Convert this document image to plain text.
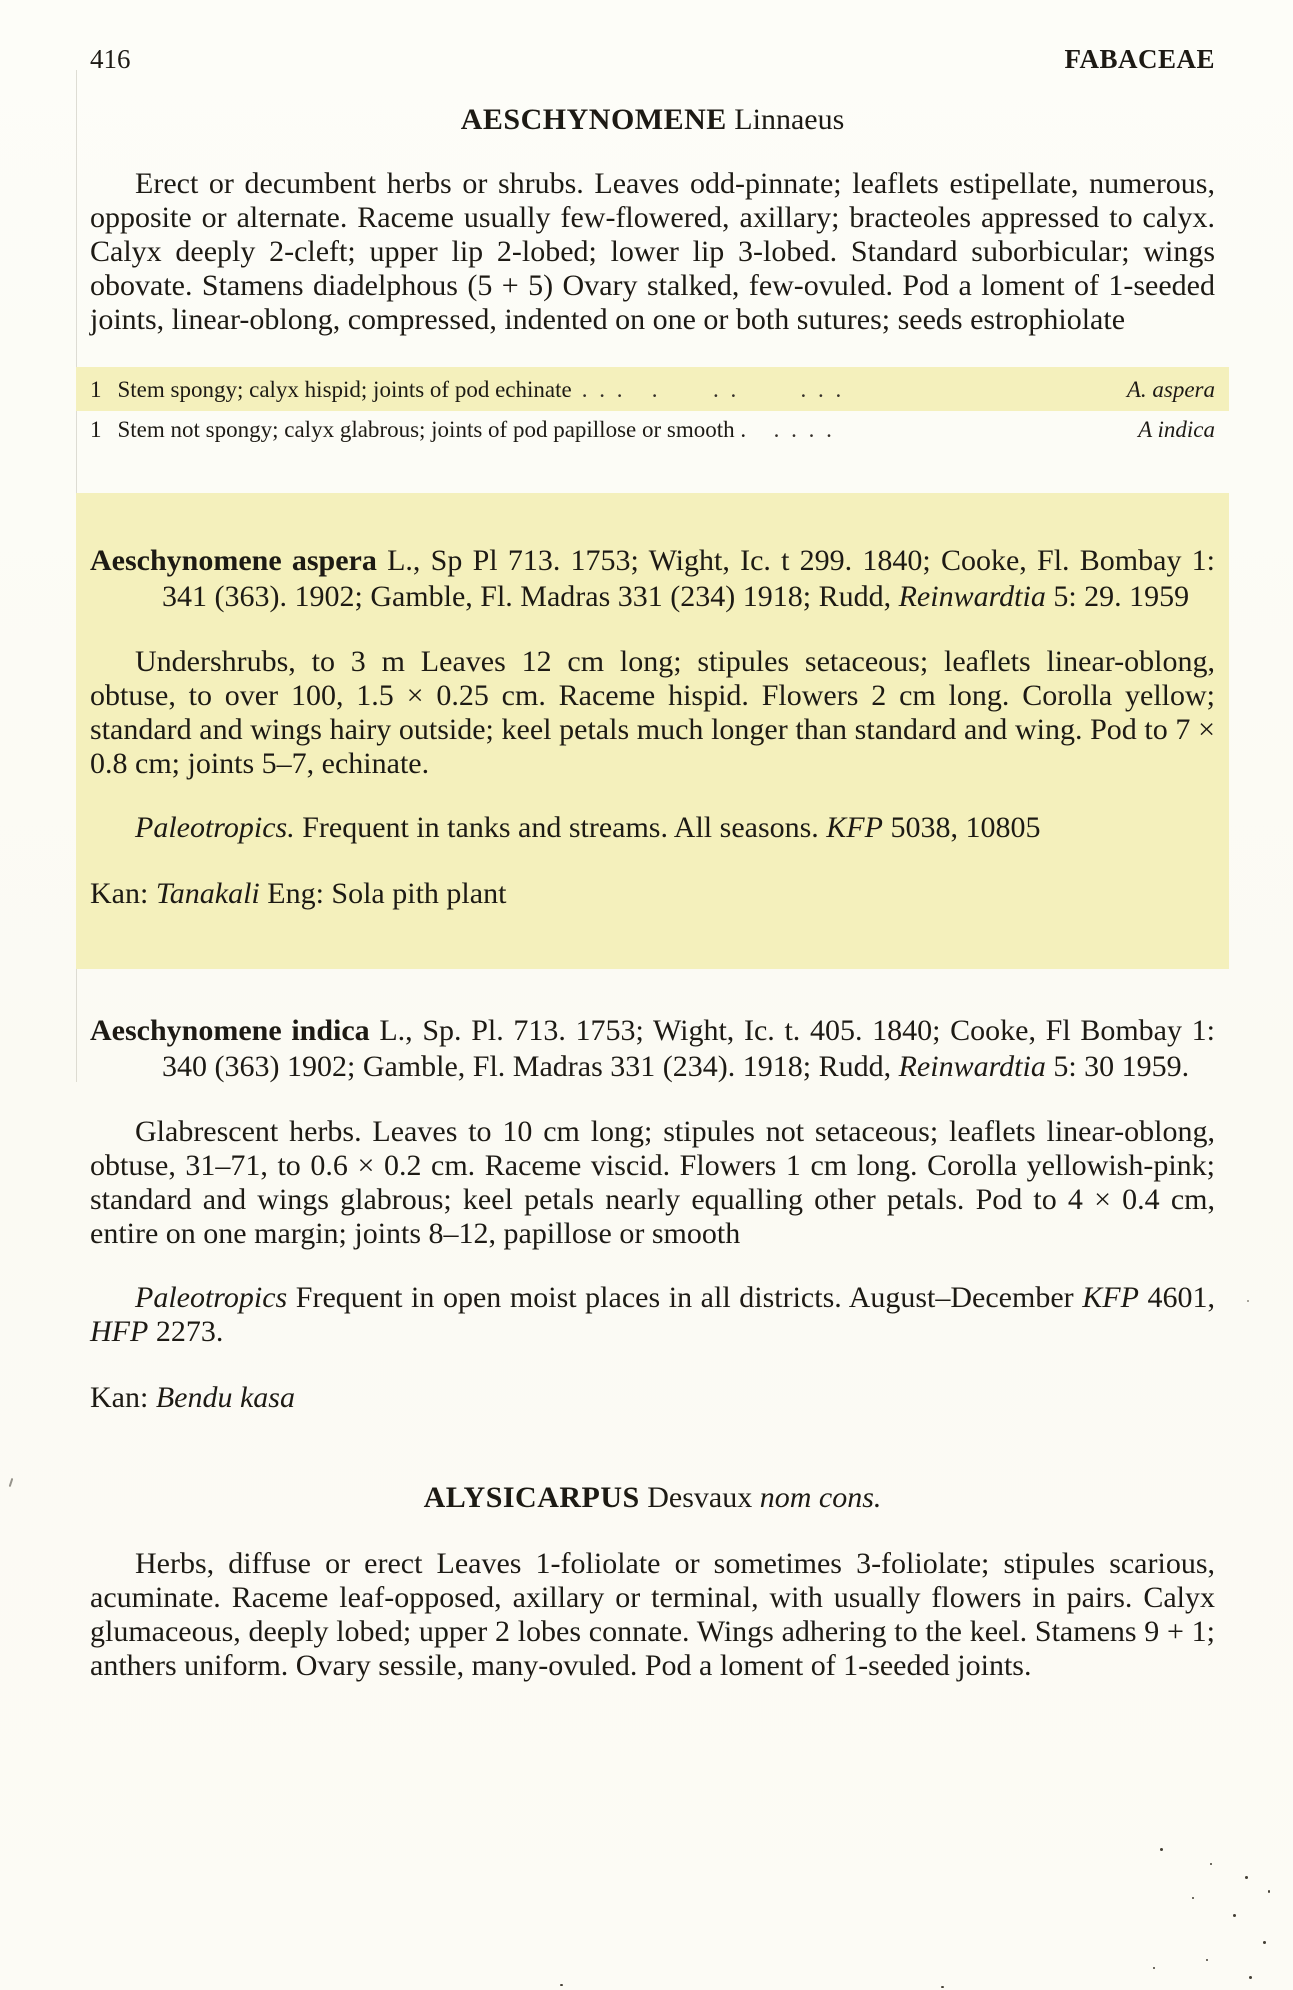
416	FABACEAE
AESCHYNOMENE Linnaeus

Erect or decumbent herbs or shrubs. Leaves odd-pinnate; leaflets estipellate, numerous, opposite or alternate. Raceme usually few-flowered, axillary; bracteoles appressed to calyx. Calyx deeply 2-cleft; upper lip 2-lobed; lower lip 3-lobed. Standard suborbicular; wings obovate. Stamens diadelphous (5 + 5) Ovary stalked, few-ovuled. Pod a loment of 1-seeded joints, linear-oblong, compressed, indented on one or both sutures; seeds estrophiolate

1 Stem spongy; calyx hispid; joints of pod echinate . . .   .      . .       . . .	A. aspera
1 Stem not spongy; calyx glabrous; joints of pod papillose or smooth . . . . .	A indica

Aeschynomene aspera L., Sp Pl 713. 1753; Wight, Ic. t 299. 1840; Cooke, Fl. Bombay 1: 341 (363). 1902; Gamble, Fl. Madras 331 (234) 1918; Rudd, Reinwardtia 5: 29. 1959

Undershrubs, to 3 m Leaves 12 cm long; stipules setaceous; leaflets linear-oblong, obtuse, to over 100, 1.5 × 0.25 cm. Raceme hispid. Flowers 2 cm long. Corolla yellow; standard and wings hairy outside; keel petals much longer than standard and wing. Pod to 7 × 0.8 cm; joints 5–7, echinate.

Paleotropics. Frequent in tanks and streams. All seasons. KFP 5038, 10805

Kan: Tanakali Eng: Sola pith plant

Aeschynomene indica L., Sp. Pl. 713. 1753; Wight, Ic. t. 405. 1840; Cooke, Fl Bombay 1: 340 (363) 1902; Gamble, Fl. Madras 331 (234). 1918; Rudd, Reinwardtia 5: 30 1959.

Glabrescent herbs. Leaves to 10 cm long; stipules not setaceous; leaflets linear-oblong, obtuse, 31–71, to 0.6 × 0.2 cm. Raceme viscid. Flowers 1 cm long. Corolla yellowish-pink; standard and wings glabrous; keel petals nearly equalling other petals. Pod to 4 × 0.4 cm, entire on one margin; joints 8–12, papillose or smooth

Paleotropics Frequent in open moist places in all districts. August–December KFP 4601, HFP 2273.

Kan: Bendu kasa

ALYSICARPUS Desvaux nom cons.

Herbs, diffuse or erect Leaves 1-foliolate or sometimes 3-foliolate; stipules scarious, acuminate. Raceme leaf-opposed, axillary or terminal, with usually flowers in pairs. Calyx glumaceous, deeply lobed; upper 2 lobes connate. Wings adhering to the keel. Stamens 9 + 1; anthers uniform. Ovary sessile, many-ovuled. Pod a loment of 1-seeded joints.
